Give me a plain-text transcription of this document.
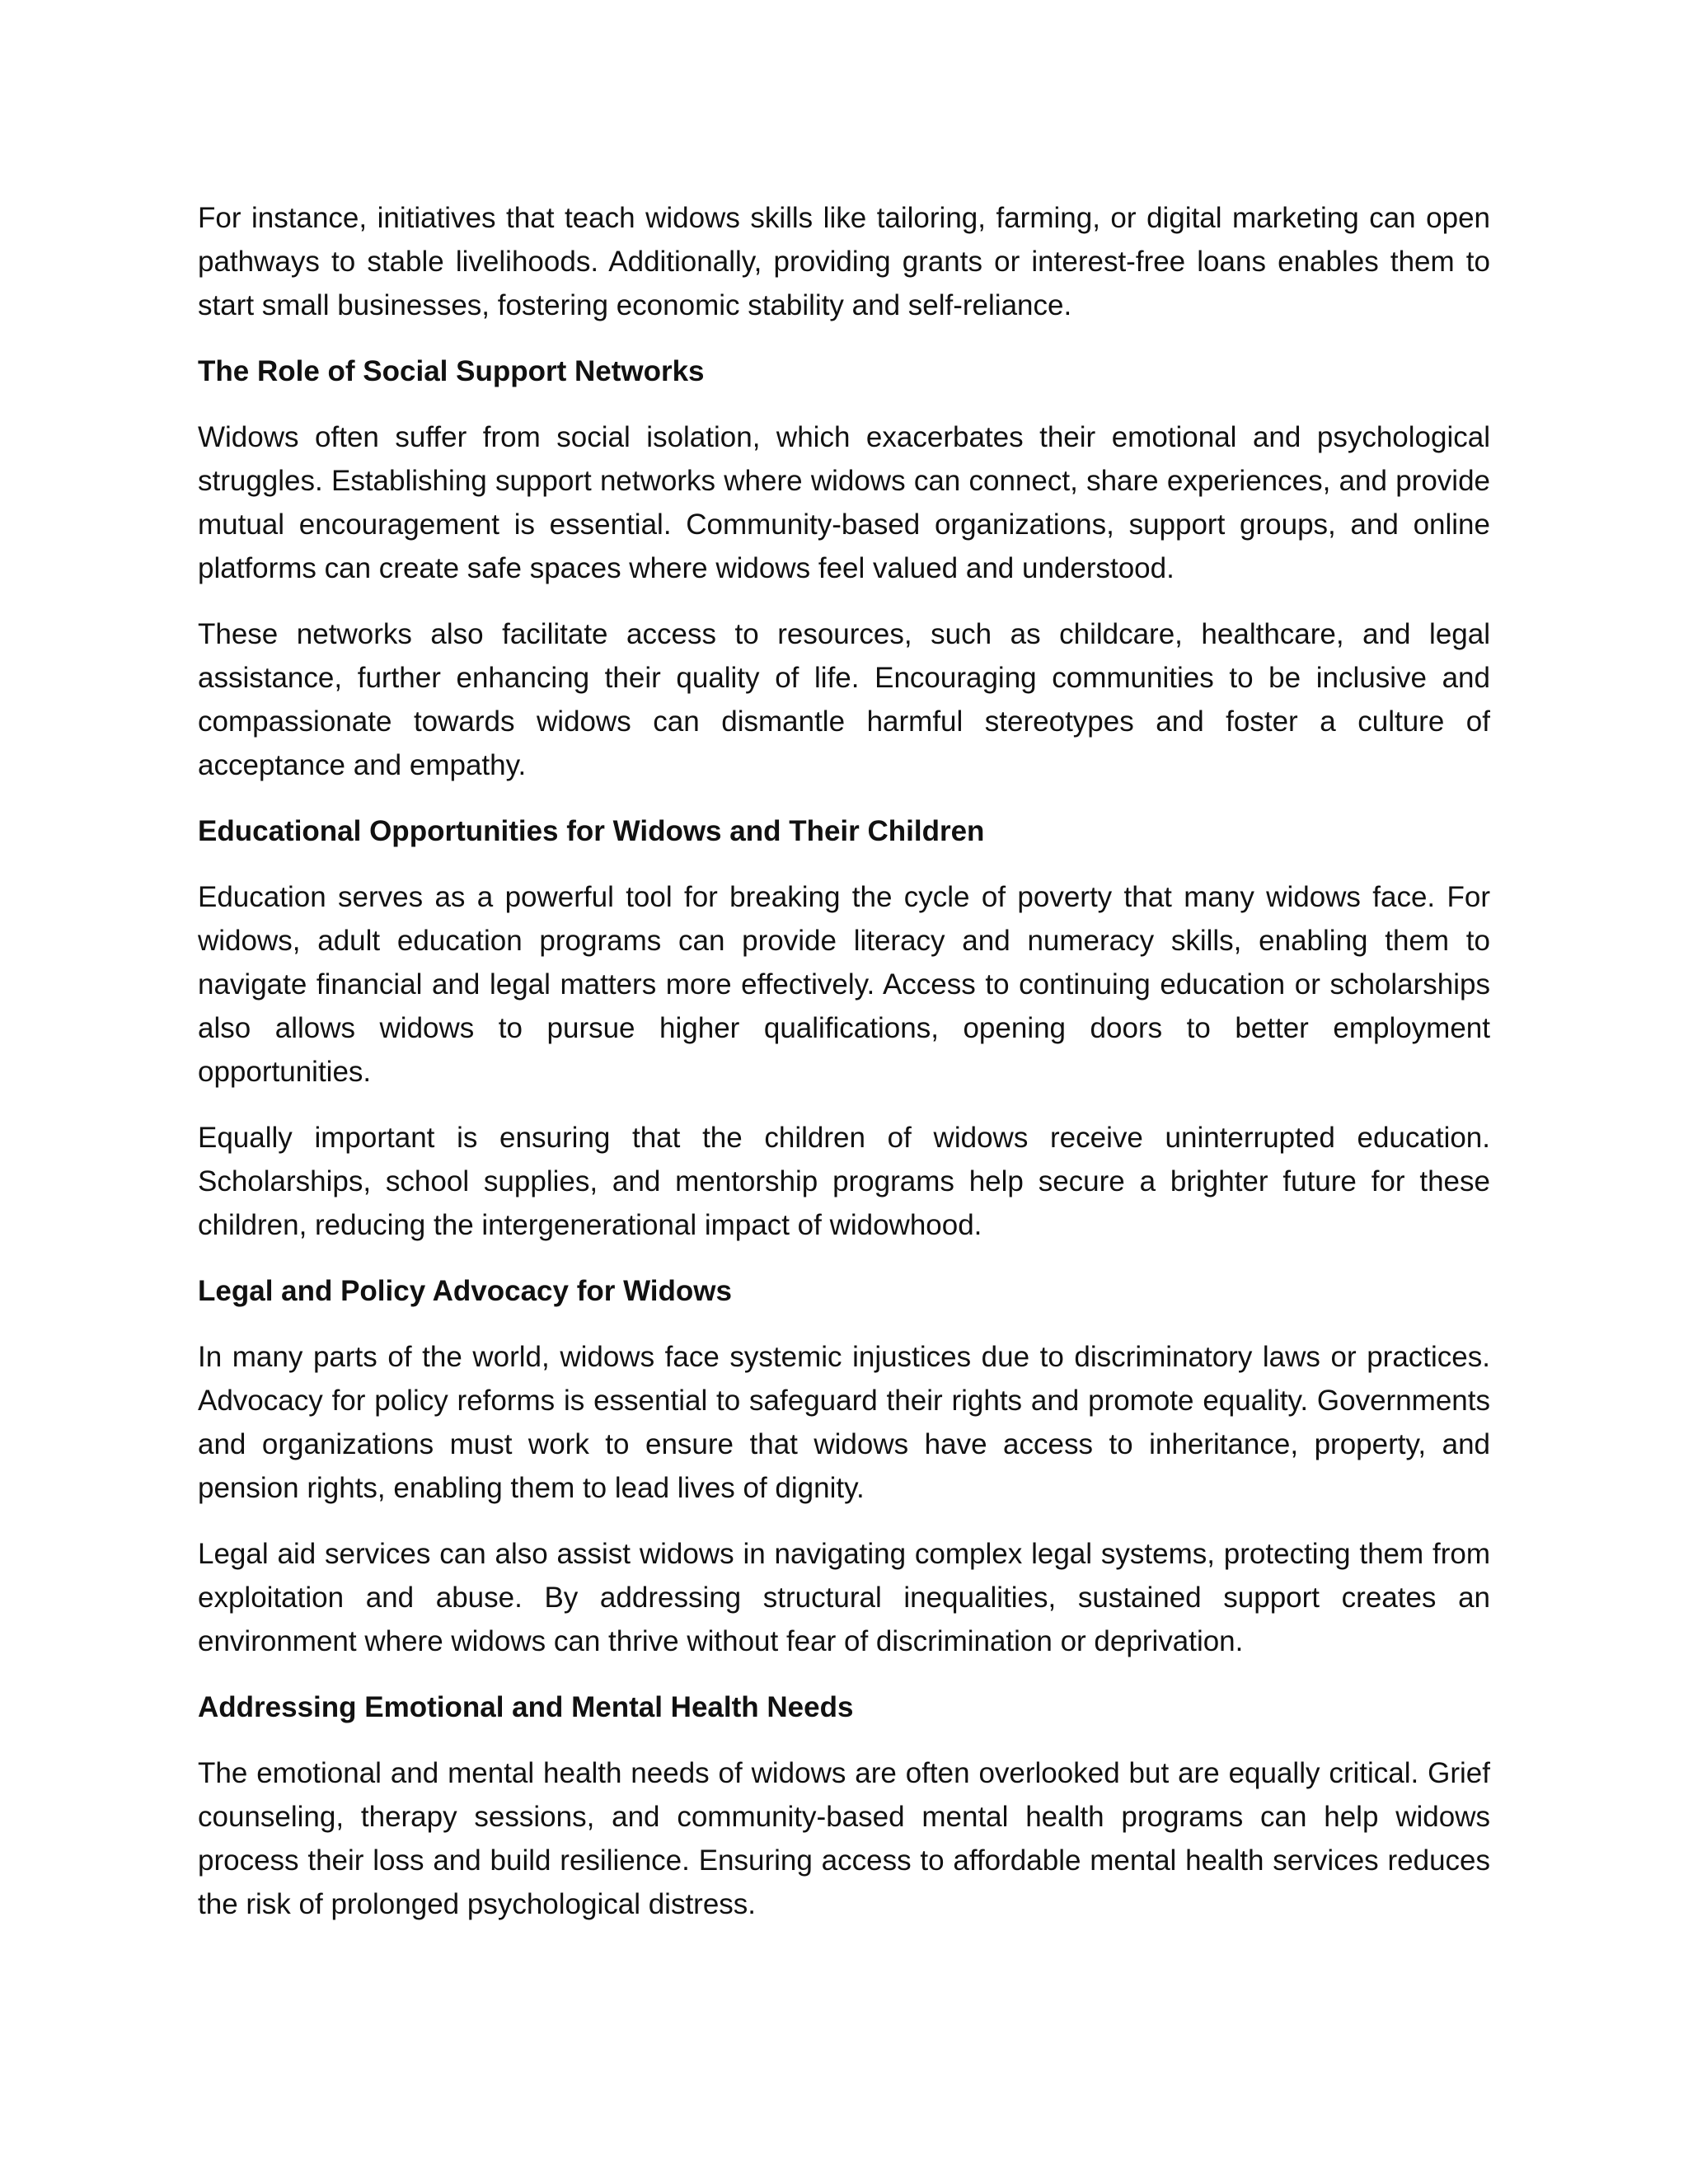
For instance, initiatives that teach widows skills like tailoring, farming, or digital marketing can open pathways to stable livelihoods. Additionally, providing grants or interest-free loans enables them to start small businesses, fostering economic stability and self-reliance.

The Role of Social Support Networks

Widows often suffer from social isolation, which exacerbates their emotional and psychological struggles. Establishing support networks where widows can connect, share experiences, and provide mutual encouragement is essential. Community-based organizations, support groups, and online platforms can create safe spaces where widows feel valued and understood.

These networks also facilitate access to resources, such as childcare, healthcare, and legal assistance, further enhancing their quality of life. Encouraging communities to be inclusive and compassionate towards widows can dismantle harmful stereotypes and foster a culture of acceptance and empathy.

Educational Opportunities for Widows and Their Children

Education serves as a powerful tool for breaking the cycle of poverty that many widows face. For widows, adult education programs can provide literacy and numeracy skills, enabling them to navigate financial and legal matters more effectively. Access to continuing education or scholarships also allows widows to pursue higher qualifications, opening doors to better employment opportunities.

Equally important is ensuring that the children of widows receive uninterrupted education. Scholarships, school supplies, and mentorship programs help secure a brighter future for these children, reducing the intergenerational impact of widowhood.

Legal and Policy Advocacy for Widows

In many parts of the world, widows face systemic injustices due to discriminatory laws or practices. Advocacy for policy reforms is essential to safeguard their rights and promote equality. Governments and organizations must work to ensure that widows have access to inheritance, property, and pension rights, enabling them to lead lives of dignity.

Legal aid services can also assist widows in navigating complex legal systems, protecting them from exploitation and abuse. By addressing structural inequalities, sustained support creates an environment where widows can thrive without fear of discrimination or deprivation.

Addressing Emotional and Mental Health Needs

The emotional and mental health needs of widows are often overlooked but are equally critical. Grief counseling, therapy sessions, and community-based mental health programs can help widows process their loss and build resilience. Ensuring access to affordable mental health services reduces the risk of prolonged psychological distress.
